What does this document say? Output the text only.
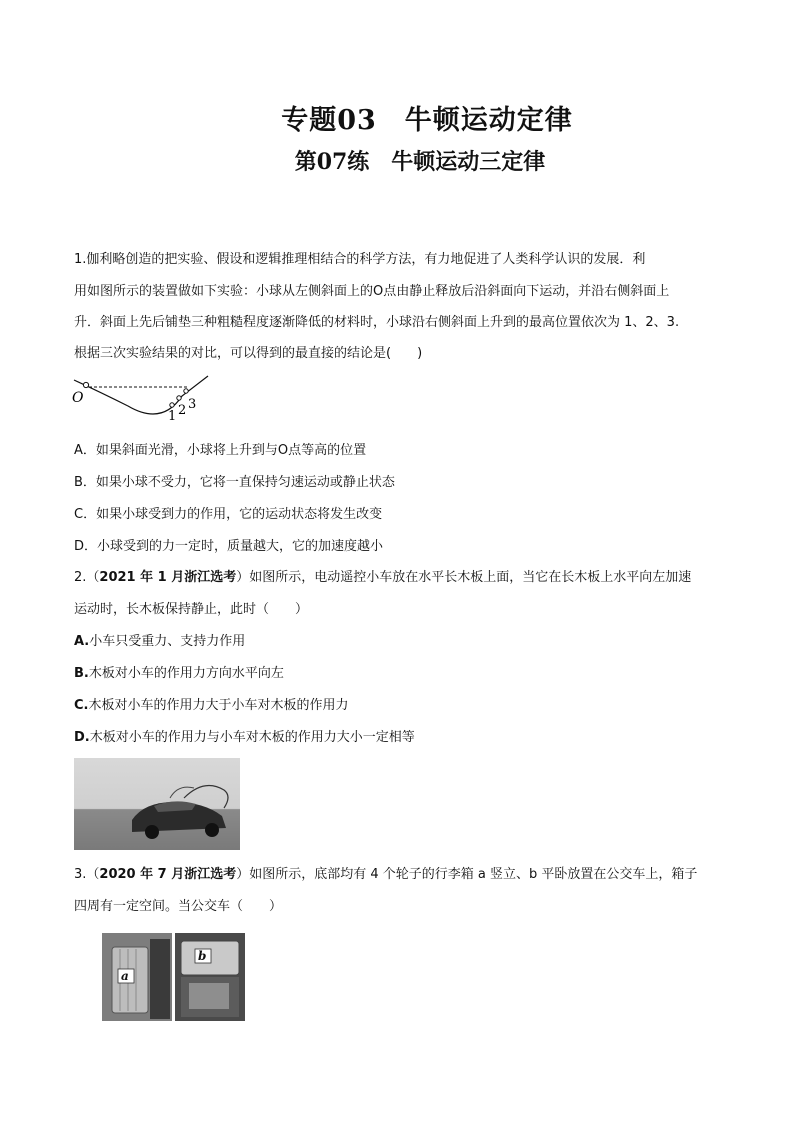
专题03　牛顿运动定律
第07练　牛顿运动三定律
1.伽利略创造的把实验、假设和逻辑推理相结合的科学方法，有力地促进了人类科学认识的发展．利
用如图所示的装置做如下实验：小球从左侧斜面上的O点由静止释放后沿斜面向下运动，并沿右侧斜面上
升．斜面上先后铺垫三种粗糙程度逐渐降低的材料时，小球沿右侧斜面上升到的最高位置依次为 1、2、3.
根据三次实验结果的对比，可以得到的最直接的结论是(　　)
O
1 2 3
A．如果斜面光滑，小球将上升到与O点等高的位置
B．如果小球不受力，它将一直保持匀速运动或静止状态
C．如果小球受到力的作用，它的运动状态将发生改变
D．小球受到的力一定时，质量越大，它的加速度越小
2.（2021 年 1 月浙江选考）如图所示，电动遥控小车放在水平长木板上面，当它在长木板上水平向左加速
运动时，长木板保持静止，此时（　　）
A.小车只受重力、支持力作用
B.木板对小车的作用力方向水平向左
C.木板对小车的作用力大于小车对木板的作用力
D.木板对小车的作用力与小车对木板的作用力大小一定相等
3.（2020 年 7 月浙江选考）如图所示，底部均有 4 个轮子的行李箱 a 竖立、b 平卧放置在公交车上，箱子
四周有一定空间。当公交车（　　）
a
b
